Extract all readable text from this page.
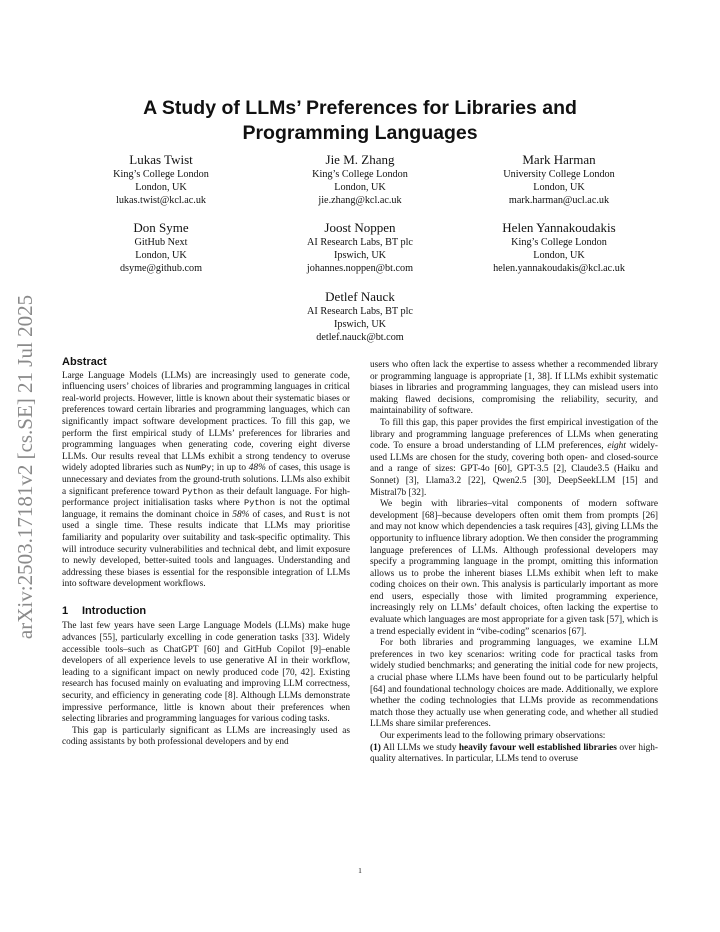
arXiv:2503.17181v2 [cs.SE] 21 Jul 2025
A Study of LLMs’ Preferences for Libraries and Programming Languages
Lukas Twist
King’s College London
London, UK
lukas.twist@kcl.ac.uk
Jie M. Zhang
King’s College London
London, UK
jie.zhang@kcl.ac.uk
Mark Harman
University College London
London, UK
mark.harman@ucl.ac.uk
Don Syme
GitHub Next
London, UK
dsyme@github.com
Joost Noppen
AI Research Labs, BT plc
Ipswich, UK
johannes.noppen@bt.com
Helen Yannakoudakis
King’s College London
London, UK
helen.yannakoudakis@kcl.ac.uk
Detlef Nauck
AI Research Labs, BT plc
Ipswich, UK
detlef.nauck@bt.com
Abstract

Large Language Models (LLMs) are increasingly used to generate code, influencing users’ choices of libraries and programming languages in critical real-world projects. However, little is known about their systematic biases or preferences toward certain libraries and programming languages, which can significantly impact software development practices. To fill this gap, we perform the first empirical study of LLMs’ preferences for libraries and programming languages when generating code, covering eight diverse LLMs. Our results reveal that LLMs exhibit a strong tendency to overuse widely adopted libraries such as NumPy; in up to 48% of cases, this usage is unnecessary and deviates from the ground-truth solutions. LLMs also exhibit a significant preference toward Python as their default language. For high-performance project initialisation tasks where Python is not the optimal language, it remains the dominant choice in 58% of cases, and Rust is not used a single time. These results indicate that LLMs may prioritise familiarity and popularity over suitability and task-specific optimality. This will introduce security vulnerabilities and technical debt, and limit exposure to newly developed, better-suited tools and languages. Understanding and addressing these biases is essential for the responsible integration of LLMs into software development workflows.

1 Introduction

The last few years have seen Large Language Models (LLMs) make huge advances [55], particularly excelling in code generation tasks [33]. Widely accessible tools–such as ChatGPT [60] and GitHub Copilot [9]–enable developers of all experience levels to use generative AI in their workflow, leading to a significant impact on newly produced code [70, 42]. Existing research has focused mainly on evaluating and improving LLM correctness, security, and efficiency in generating code [8]. Although LLMs demonstrate impressive performance, little is known about their preferences when selecting libraries and programming languages for various coding tasks.

This gap is particularly significant as LLMs are increasingly used as coding assistants by both professional developers and by end

users who often lack the expertise to assess whether a recommended library or programming language is appropriate [1, 38]. If LLMs exhibit systematic biases in libraries and programming languages, they can mislead users into making flawed decisions, compromising the reliability, security, and maintainability of software.

To fill this gap, this paper provides the first empirical investigation of the library and programming language preferences of LLMs when generating code. To ensure a broad understanding of LLM preferences, eight widely-used LLMs are chosen for the study, covering both open- and closed-source and a range of sizes: GPT-4o [60], GPT-3.5 [2], Claude3.5 (Haiku and Sonnet) [3], Llama3.2 [22], Qwen2.5 [30], DeepSeekLLM [15] and Mistral7b [32].

We begin with libraries–vital components of modern software development [68]–because developers often omit them from prompts [26] and may not know which dependencies a task requires [43], giving LLMs the opportunity to influence library adoption. We then consider the programming language preferences of LLMs. Although professional developers may specify a programming language in the prompt, omitting this information allows us to probe the inherent biases LLMs exhibit when left to make coding choices on their own. This analysis is particularly important as more end users, especially those with limited programming experience, increasingly rely on LLMs’ default choices, often lacking the expertise to evaluate which languages are most appropriate for a given task [57], which is a trend especially evident in “vibe-coding” scenarios [67].

For both libraries and programming languages, we examine LLM preferences in two key scenarios: writing code for practical tasks from widely studied benchmarks; and generating the initial code for new projects, a crucial phase where LLMs have been found out to be particularly helpful [64] and foundational technology choices are made. Additionally, we explore whether the coding technologies that LLMs provide as recommendations match those they actually use when generating code, and whether all studied LLMs share similar preferences.

Our experiments lead to the following primary observations:

(1) All LLMs we study heavily favour well established libraries over high-quality alternatives. In particular, LLMs tend to overuse

1
